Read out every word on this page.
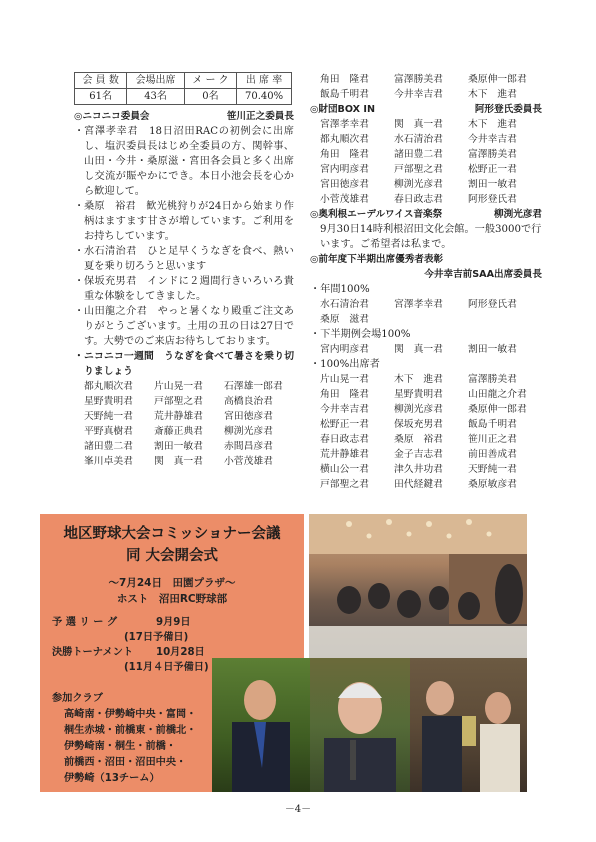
会 員 数	会場出席	メ ー ク	出 席 率
61名	43名	0名	70.40%
◎ニコニコ委員会	笹川正之委員長
・ 宮澤孝幸君　18日沼田RACの初例会に出席し、塩沢委員長はじめ全委員の方、関幹事、山田・今井・桑原滋・宮田各会員と多く出席し交流が賑やかにでき。本日小池会長を心から歓迎して。
・ 桑原　裕君　歓光桃狩りが24日から始まり作柄はますます甘さが増しています。ご利用をお持ちしています。
・ 水石清治君　ひと足早くうなぎを食べ、熱い夏を乗り切ろうと思います
・ 保坂充男君　インドに２週間行きいろいろ貴重な体験をしてきました。
・ 山田龍之介君　やっと暑くなり殿重ご注文ありがとうございます。土用の丑の日は27日です。大勢でのご来店お待ちしております。
・ ニコニコ一週間　うなぎを食べて暑さを乗り切りましょう
都丸順次君	片山晃一君	石澤雄一郎君
星野貴明君	戸部聖之君	高橋良治君
天野純一君	荒井静雄君	宮田徳彦君
平野真樹君	斎藤正典君	柳渕光彦君
諸田豊二君	割田一敏君	赤間昌彦君
峯川卓美君	関　真一君	小菅茂雄君
角田　隆君	富澤勝美君	桑原伸一郎君
飯島千明君	今井幸吉君	木下　進君
◎財団BOX IN	阿形登氏委員長
宮澤孝幸君	関　真一君	木下　進君
都丸順次君	水石清治君	今井幸吉君
角田　隆君	諸田豊二君	富澤勝美君
宮内明彦君	戸部聖之君	松野正一君
宮田徳彦君	柳渕光彦君	割田一敏君
小菅茂雄君	春日政志君	阿形登氏君
◎奥利根エーデルワイス音楽祭	柳渕光彦君
9月30日14時利根沼田文化会館。一般3000で行います。ご希望者は私まで。
◎前年度下半期出席優秀者表彰
今井幸吉前SAA出席委員長
・年間100%
水石清治君	宮澤孝幸君	阿形登氏君
桑原　滋君
・下半期例会場100%
宮内明彦君	関　真一君	割田一敏君
・100%出席者
片山晃一君	木下　進君	富澤勝美君
角田　隆君	星野貴明君	山田龍之介君
今井幸吉君	柳渕光彦君	桑原伸一郎君
松野正一君	保坂充男君	飯島千明君
春日政志君	桑原　裕君	笹川正之君
荒井静雄君	金子吉志君	前田善成君
横山公一君	津久井功君	天野純一君
戸部聖之君	田代経鍵君	桑原敏彦君
地区野球大会コミッショナー会議
同 大会開会式
～7月24日　田園プラザ～
ホスト　沼田RC野球部
予 選 リ ー グ	9月9日
(17日予備日)
決勝トーナメント	10月28日
(11月４日予備日)
参加クラブ
高崎南・伊勢崎中央・富岡・
桐生赤城・前橋東・前橋北・
伊勢崎南・桐生・前橋・
前橋西・沼田・沼田中央・
伊勢崎（13チーム）
－4－
